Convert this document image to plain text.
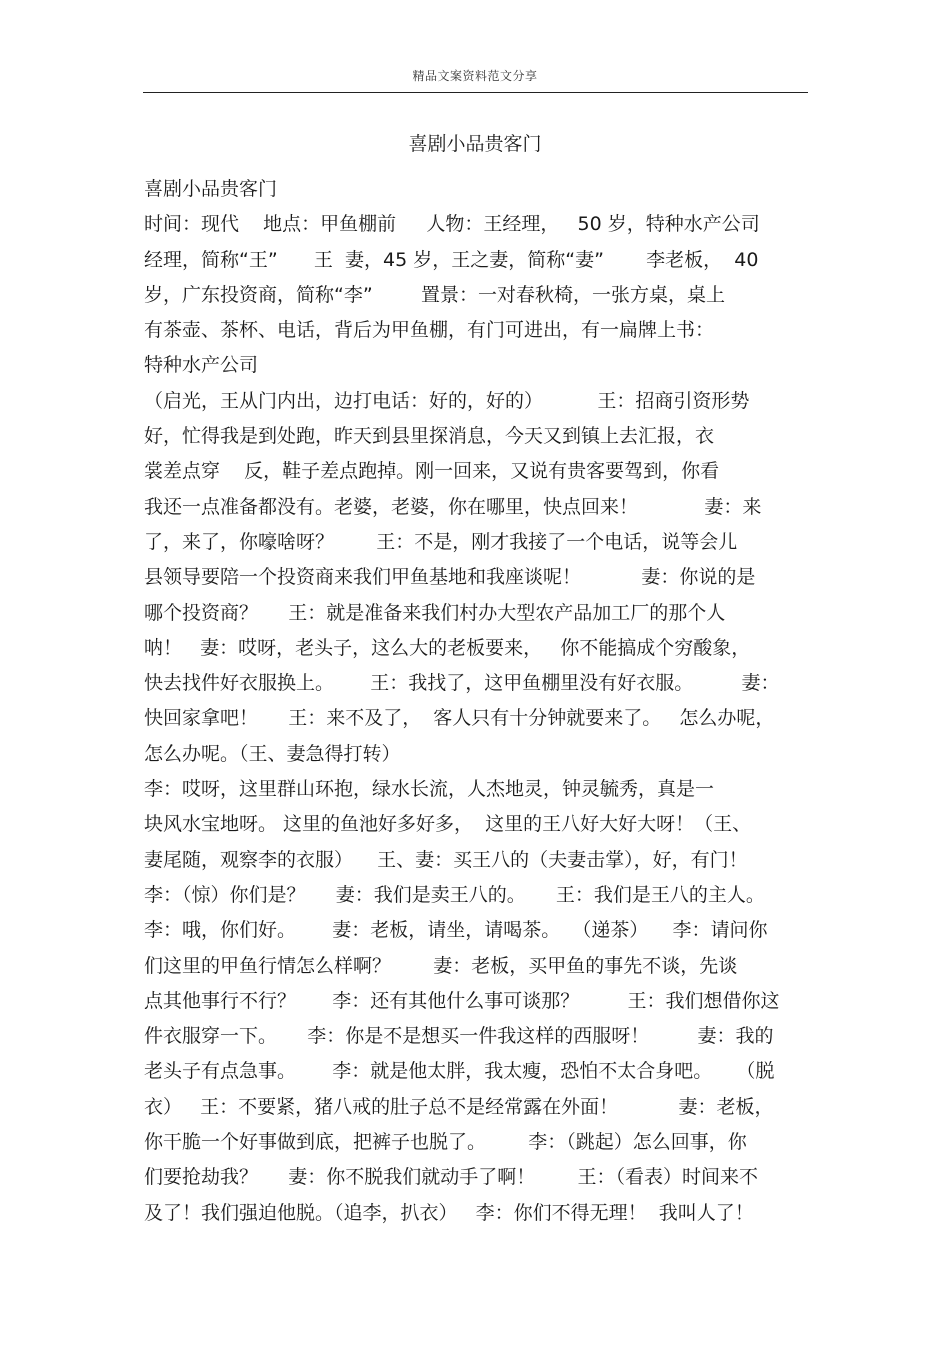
精品文案资料范文分享
喜剧小品贵客门
喜剧小品贵客门
时间：现代    地点：甲鱼棚前     人物：王经理，   50 岁，特种水产公司
经理，简称“王”      王  妻，45 岁，王之妻，简称“妻”       李老板，  40
岁，广东投资商，简称“李”        置景：一对春秋椅，一张方桌，桌上
有茶壶、茶杯、电话，背后为甲鱼棚，有门可进出，有一扁牌上书：
特种水产公司
（启光，王从门内出，边打电话：好的，好的）         王：招商引资形势
好，忙得我是到处跑，昨天到县里探消息，今天又到镇上去汇报，衣
裳差点穿    反，鞋子差点跑掉。刚一回来，又说有贵客要驾到，你看
我还一点准备都没有。老婆，老婆，你在哪里，快点回来！           妻：来
了，来了，你嚎啥呀？       王：不是，刚才我接了一个电话，说等会儿
县领导要陪一个投资商来我们甲鱼基地和我座谈呢！          妻：你说的是
哪个投资商？     王：就是准备来我们村办大型农产品加工厂的那个人
呐！   妻：哎呀，老头子，这么大的老板要来，   你不能搞成个穷酸象，
快去找件好衣服换上。      王：我找了，这甲鱼棚里没有好衣服。        妻：
快回家拿吧！     王：来不及了，  客人只有十分钟就要来了。   怎么办呢，
怎么办呢。（王、妻急得打转）
李：哎呀，这里群山环抱，绿水长流，人杰地灵，钟灵毓秀，真是一
块风水宝地呀。 这里的鱼池好多好多，  这里的王八好大好大呀！（王、
妻尾随，观察李的衣服）    王、妻：买王八的（夫妻击掌），好，有门！
李：（惊）你们是？     妻：我们是卖王八的。     王：我们是王八的主人。
李：哦，你们好。      妻：老板，请坐，请喝茶。  （递茶）    李：请问你
们这里的甲鱼行情怎么样啊？       妻：老板，买甲鱼的事先不谈，先谈
点其他事行不行？      李：还有其他什么事可谈那？        王：我们想借你这
件衣服穿一下。     李：你是不是想买一件我这样的西服呀！        妻：我的
老头子有点急事。      李：就是他太胖，我太瘦，恐怕不太合身吧。    （脱
衣）   王：不要紧，猪八戒的肚子总不是经常露在外面！          妻：老板，
你干脆一个好事做到底，把裤子也脱了。       李：（跳起）怎么回事，你
们要抢劫我？     妻：你不脱我们就动手了啊！       王：（看表）时间来不
及了！我们强迫他脱。（追李，扒衣）   李：你们不得无理！  我叫人了！
